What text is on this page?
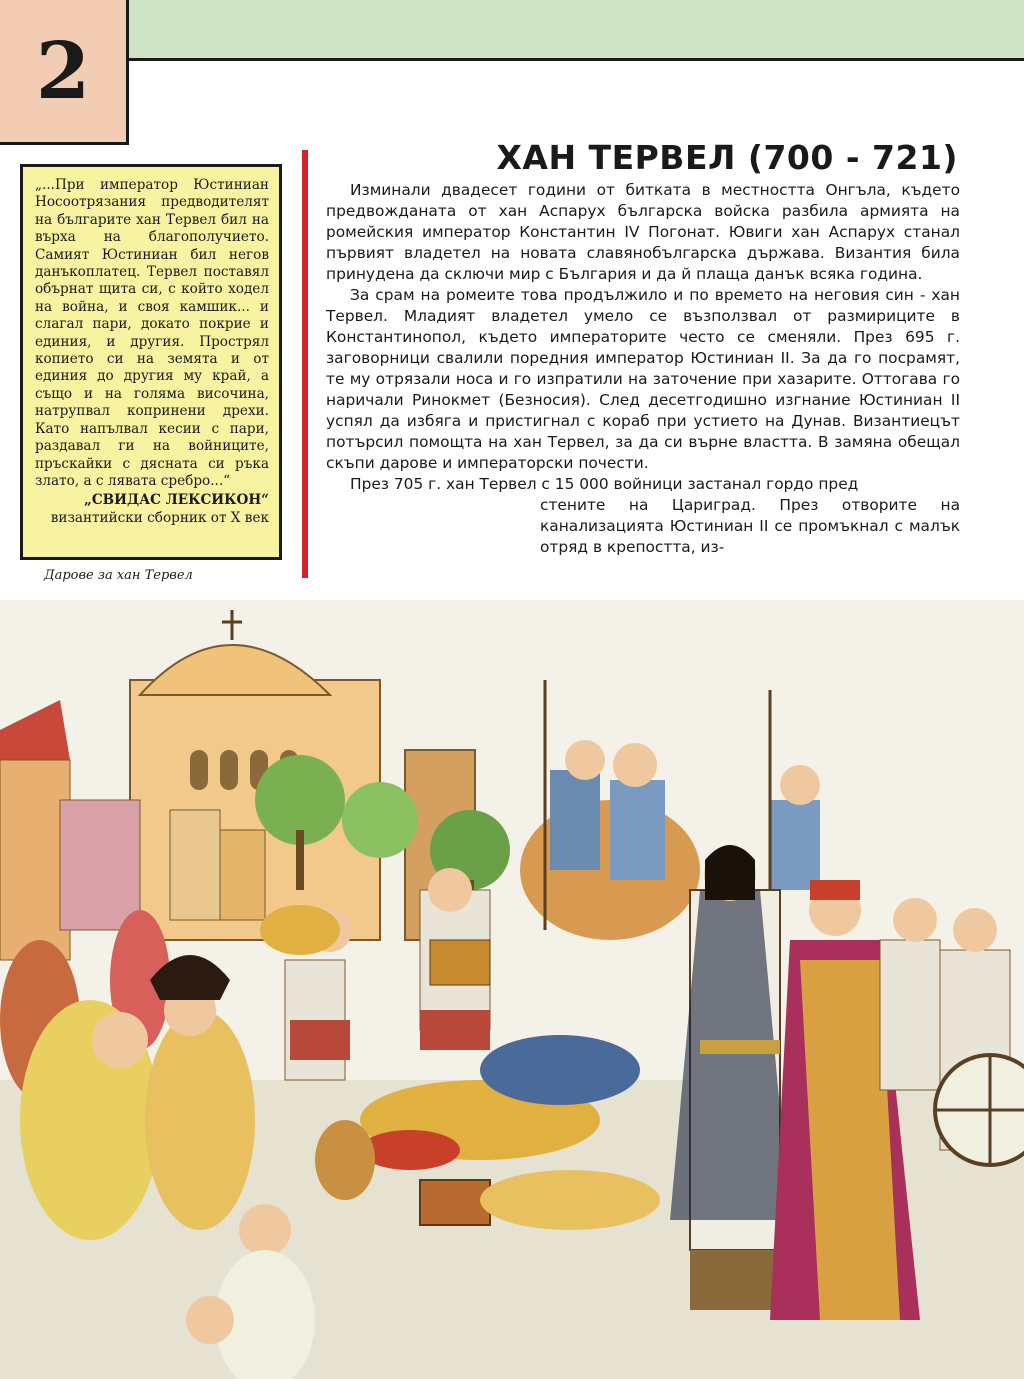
2

„...При император Юстиниан Носоотрязания предводителят на българите хан Тервел бил на върха на благополучието. Самият Юстиниан бил негов данъкоплатец. Тервел поставял обърнат щита си, с който ходел на война, и своя камшик... и слагал пари, докато покрие и единия, и другия. Прострял копието си на земята и от единия до другия му край, а също и на голяма височина, натрупвал копринени дрехи. Като напълвал кесии с пари, раздавал ги на войниците, пръскайки с дясната си ръка злато, а с лявата сребро...“

„СВИДАС ЛЕКСИКОН“

византийски сборник от X век

Дарове за хан Тервел
ХАН ТЕРВЕЛ (700 - 721)

Изминали двадесет години от битката в местността Онгъла, където предвожданата от хан Аспарух българска войска разбила армията на ромейския император Константин IV Погонат. Ювиги хан Аспарух станал първият владетел на новата славянобългарска държава. Византия била принудена да сключи мир с България и да й плаща данък всяка година.

За срам на ромеите това продължило и по времето на неговия син - хан Тервел. Младият владетел умело се възползвал от размириците в Константинопол, където императорите често се сменяли. През 695 г. заговорници свалили поредния император Юстиниан II. За да го посрамят, те му отрязали носа и го изпратили на заточение при хазарите. Оттогава го наричали Ринокмет (Безносия). След десетгодишно изгнание Юстиниан II успял да избяга и пристигнал с кораб при устието на Дунав. Византиецът потърсил помощта на хан Тервел, за да си върне властта. В замяна обещал скъпи дарове и императорски почести.

През 705 г. хан Тервел с 15 000 войници застанал гордо пред

стените на Цариград. През отворите на канализацията Юстиниан II се промъкнал с малък отряд в крепостта, из-
